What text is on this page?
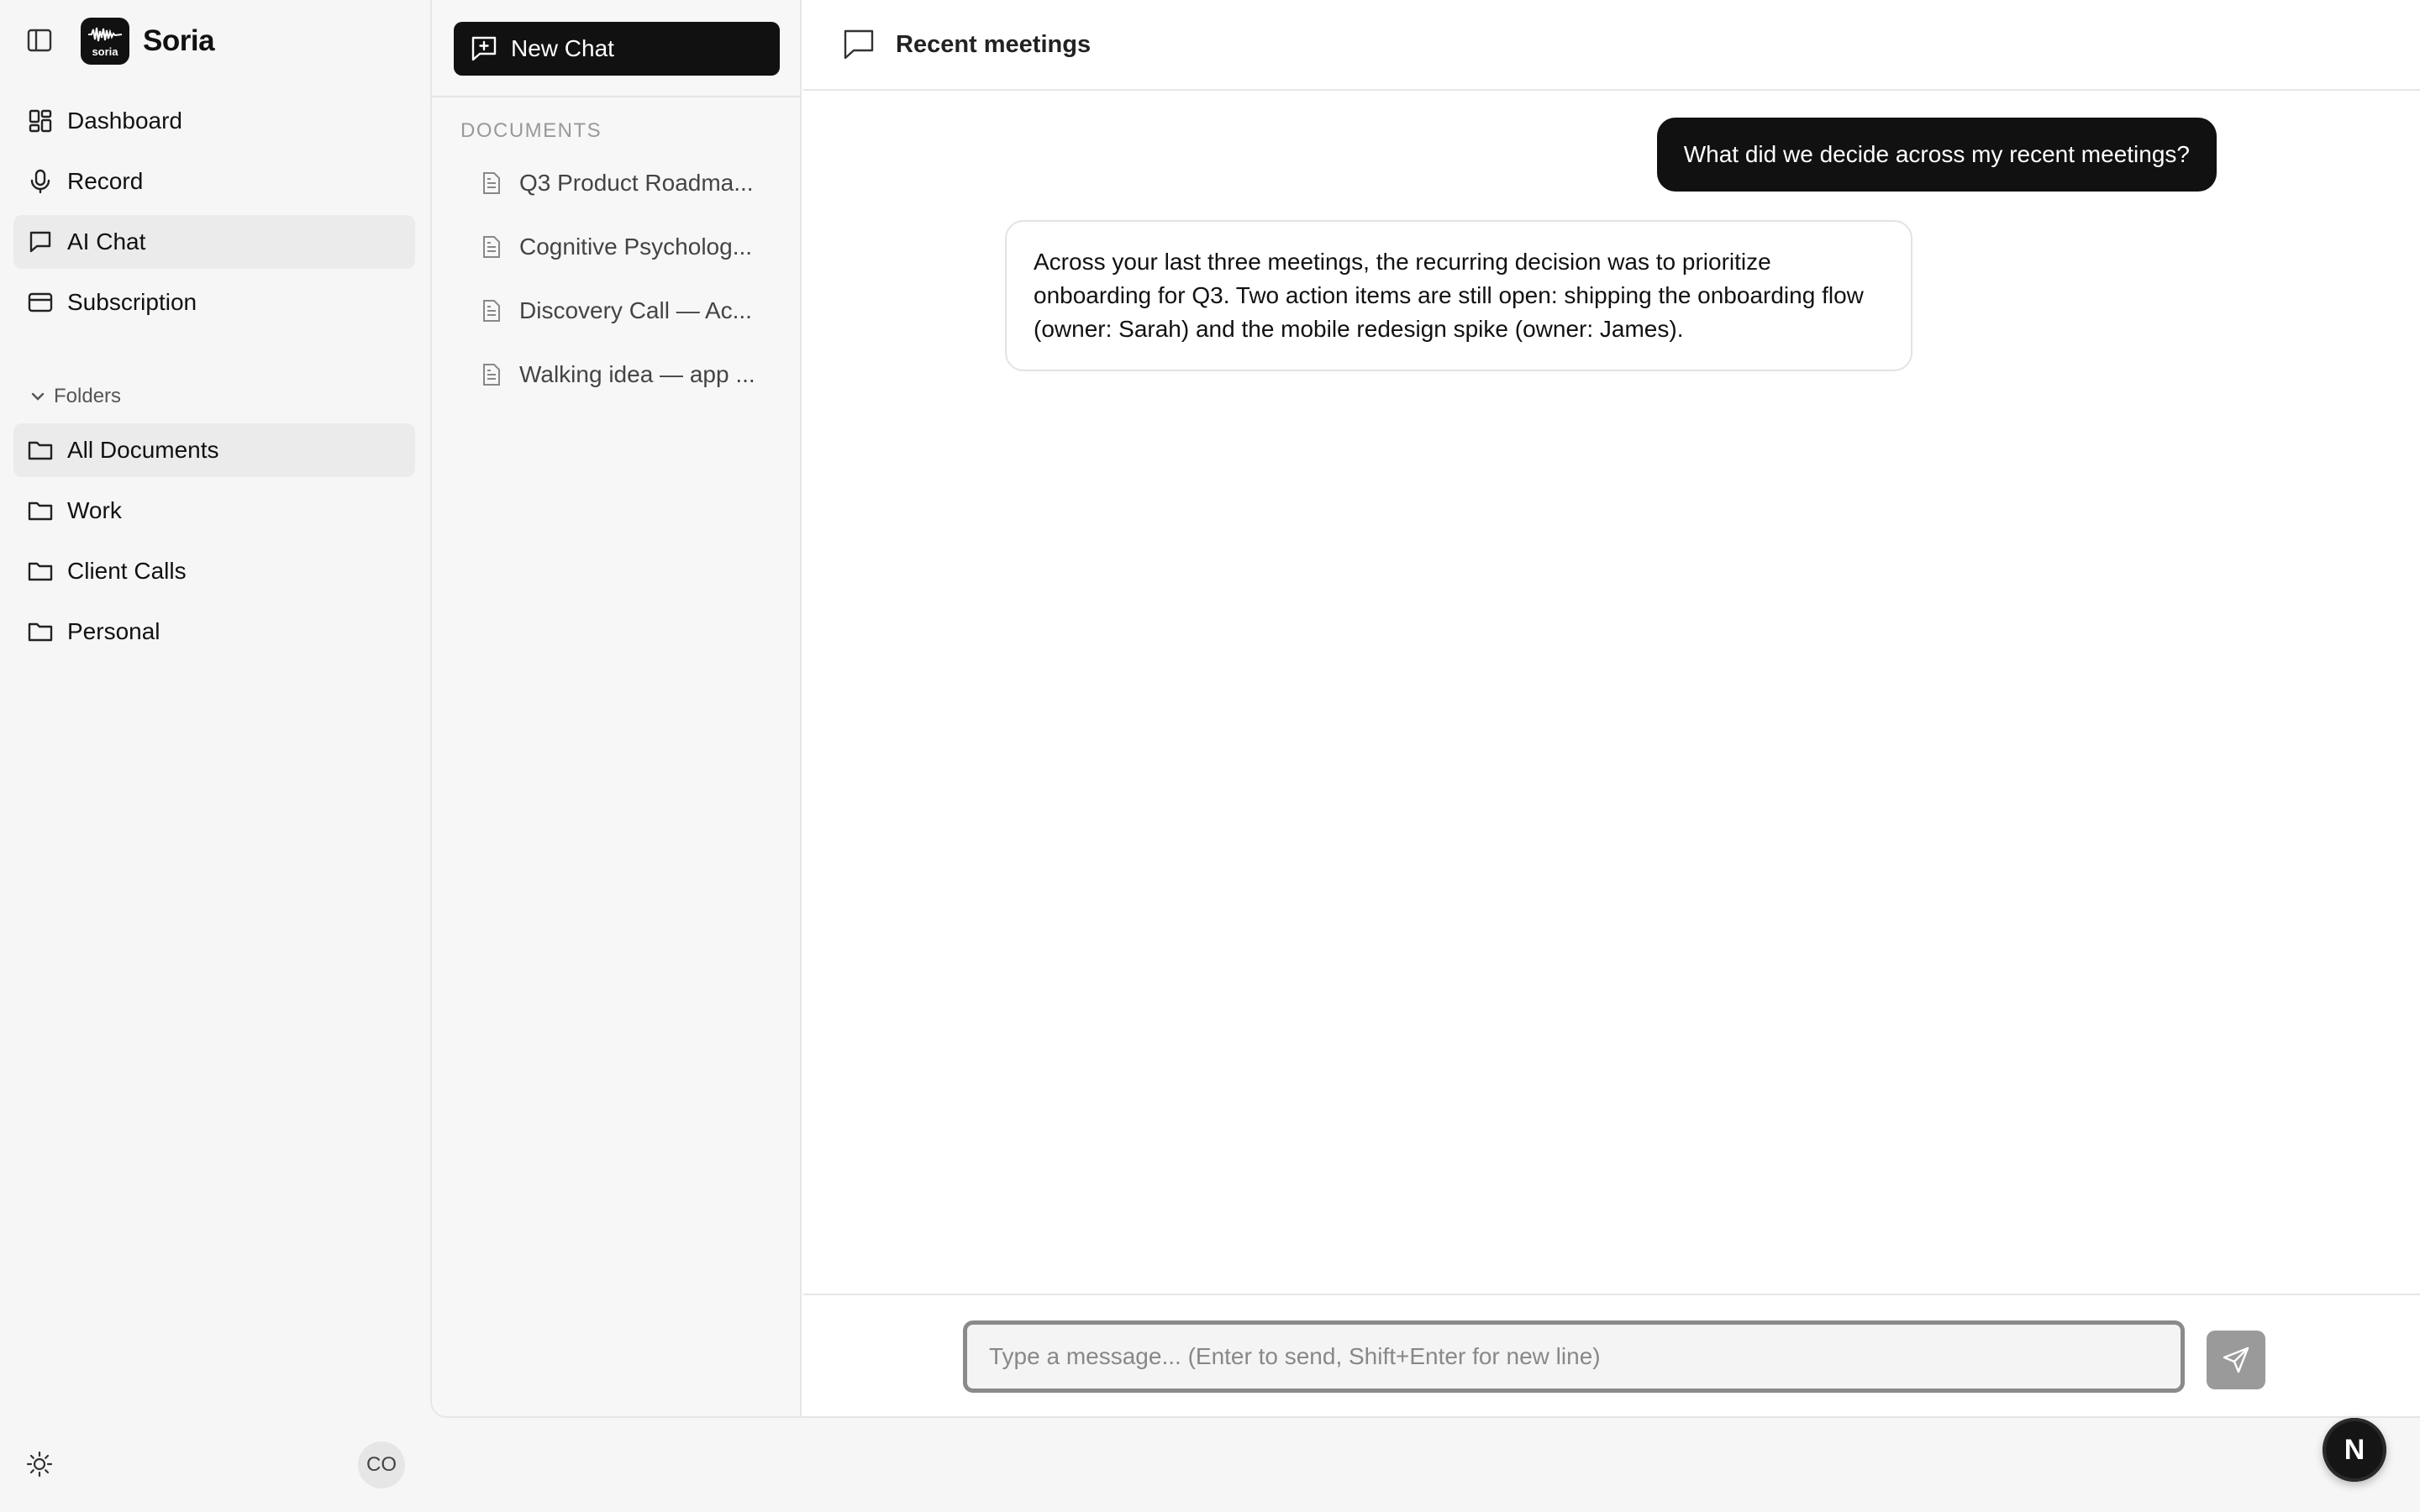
soria Soria
Dashboard
Record
AI Chat
Subscription
Folders
All Documents
Work
Client Calls
Personal
CO
New Chat
DOCUMENTS
Q3 Product Roadma...
Cognitive Psycholog...
Discovery Call — Ac...
Walking idea — app ...
Recent meetings
What did we decide across my recent meetings?
Across your last three meetings, the recurring decision was to prioritize onboarding for Q3. Two action items are still open: shipping the onboarding flow (owner: Sarah) and the mobile redesign spike (owner: James).
Type a message... (Enter to send, Shift+Enter for new line)
N
